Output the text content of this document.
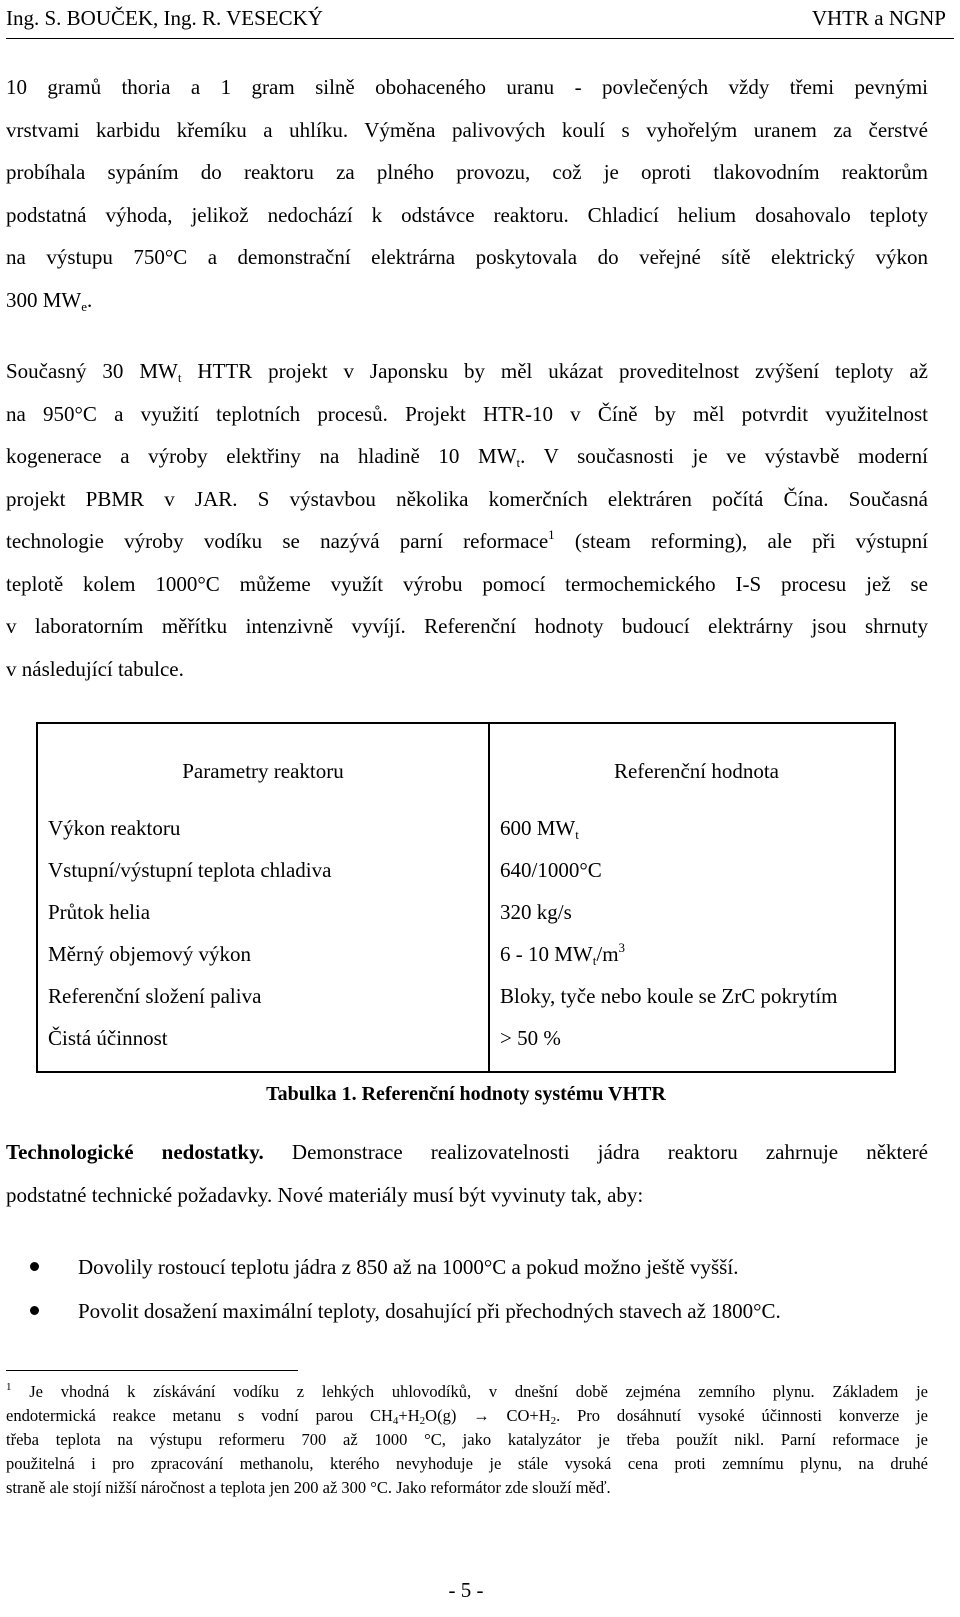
Ing. S. BOUČEK, Ing. R. VESECKÝ	VHTR a NGNP
10 gramů thoria a 1 gram silně obohaceného uranu - povlečených vždy třemi pevnými
vrstvami karbidu křemíku a uhlíku. Výměna palivových koulí s vyhořelým uranem za čerstvé
probíhala sypáním do reaktoru za plného provozu, což je oproti tlakovodním reaktorům
podstatná výhoda, jelikož nedochází k odstávce reaktoru. Chladicí helium dosahovalo teploty
na výstupu 750°C a demonstrační elektrárna poskytovala do veřejné sítě elektrický výkon
300 $MW_e$.
Současný 30 $MW_t$ HTTR projekt v Japonsku by měl ukázat proveditelnost zvýšení teploty až
na 950°C a využití teplotních procesů. Projekt HTR-10 v Číně by měl potvrdit využitelnost
kogenerace a výroby elektřiny na hladině 10 $MW_t$. V současnosti je ve výstavbě moderní
projekt PBMR v JAR. S výstavbou několika komerčních elektráren počítá Čína. Současná
technologie výroby vodíku se nazývá parní reformace$^1$ (steam reforming), ale při výstupní
teplotě kolem 1000°C můžeme využít výrobu pomocí termochemického I-S procesu jež se
v laboratorním měřítku intenzivně vyvíjí. Referenční hodnoty budoucí elektrárny jsou shrnuty
v následující tabulce.
Parametry reaktoru	Referenční hodnota
Výkon reaktoru	600 $MW_t$
Vstupní/výstupní teplota chladiva	640/1000°C
Průtok helia	320 kg/s
Měrný objemový výkon	6 - 10 $MW_t/m^3$
Referenční složení paliva	Bloky, tyče nebo koule se ZrC pokrytím
Čistá účinnost	> 50 %
Tabulka 1. Referenční hodnoty systému VHTR
Technologické nedostatky. Demonstrace realizovatelnosti jádra reaktoru zahrnuje některé
podstatné technické požadavky. Nové materiály musí být vyvinuty tak, aby:
Dovolily rostoucí teplotu jádra z 850 až na 1000°C a pokud možno ještě vyšší.
Povolit dosažení maximální teploty, dosahující při přechodných stavech až 1800°C.
$^1$ Je vhodná k získávání vodíku z lehkých uhlovodíků, v dnešní době zejména zemního plynu. Základem je
endotermická reakce metanu s vodní parou $CH_4+H_2O(g) \to CO+H_2$. Pro dosáhnutí vysoké účinnosti konverze je
třeba teplota na výstupu reformeru 700 až 1000 °C, jako katalyzátor je třeba použít nikl. Parní reformace je
použitelná i pro zpracování methanolu, kterého nevyhoduje je stále vysoká cena proti zemnímu plynu, na druhé
straně ale stojí nižší náročnost a teplota jen 200 až 300 °C. Jako reformátor zde slouží měď.
- 5 -
